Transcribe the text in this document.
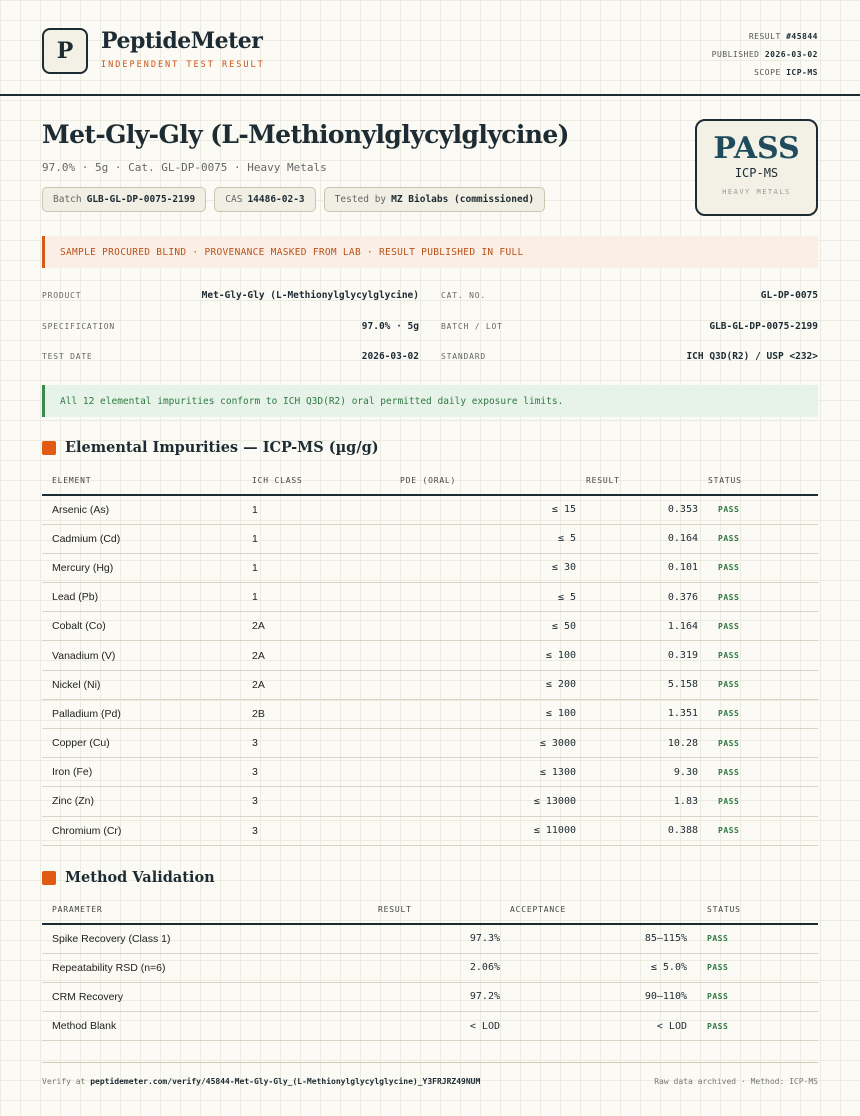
P PeptideMeter
INDEPENDENT TEST RESULT
RESULT #45844
PUBLISHED 2026-03-02
SCOPE ICP-MS
Met-Gly-Gly (L-Methionylglycylglycine)
97.0% · 5g · Cat. GL-DP-0075 · Heavy Metals
Batch GLB-GL-DP-0075-2199	CAS 14486-02-3	Tested by MZ Biolabs (commissioned)
PASS
ICP-MS
HEAVY METALS
SAMPLE PROCURED BLIND · PROVENANCE MASKED FROM LAB · RESULT PUBLISHED IN FULL
PRODUCT	Met-Gly-Gly (L-Methionylglycylglycine)	CAT. NO.	GL-DP-0075
SPECIFICATION	97.0% · 5g	BATCH / LOT	GLB-GL-DP-0075-2199
TEST DATE	2026-03-02	STANDARD	ICH Q3D(R2) / USP <232>
All 12 elemental impurities conform to ICH Q3D(R2) oral permitted daily exposure limits.
Elemental Impurities — ICP-MS (µg/g)
ELEMENT	ICH CLASS	PDE (ORAL)	RESULT	STATUS
Arsenic (As)	1	≤ 15	0.353	PASS
Cadmium (Cd)	1	≤ 5	0.164	PASS
Mercury (Hg)	1	≤ 30	0.101	PASS
Lead (Pb)	1	≤ 5	0.376	PASS
Cobalt (Co)	2A	≤ 50	1.164	PASS
Vanadium (V)	2A	≤ 100	0.319	PASS
Nickel (Ni)	2A	≤ 200	5.158	PASS
Palladium (Pd)	2B	≤ 100	1.351	PASS
Copper (Cu)	3	≤ 3000	10.28	PASS
Iron (Fe)	3	≤ 1300	9.30	PASS
Zinc (Zn)	3	≤ 13000	1.83	PASS
Chromium (Cr)	3	≤ 11000	0.388	PASS
Method Validation
PARAMETER	RESULT	ACCEPTANCE	STATUS
Spike Recovery (Class 1)	97.3%	85–115%	PASS
Repeatability RSD (n=6)	2.06%	≤ 5.0%	PASS
CRM Recovery	97.2%	90–110%	PASS
Method Blank	< LOD	< LOD	PASS
Verify at peptidemeter.com/verify/45844-Met-Gly-Gly_(L-Methionylglycylglycine)_Y3FRJRZ49NUM	Raw data archived · Method: ICP-MS
